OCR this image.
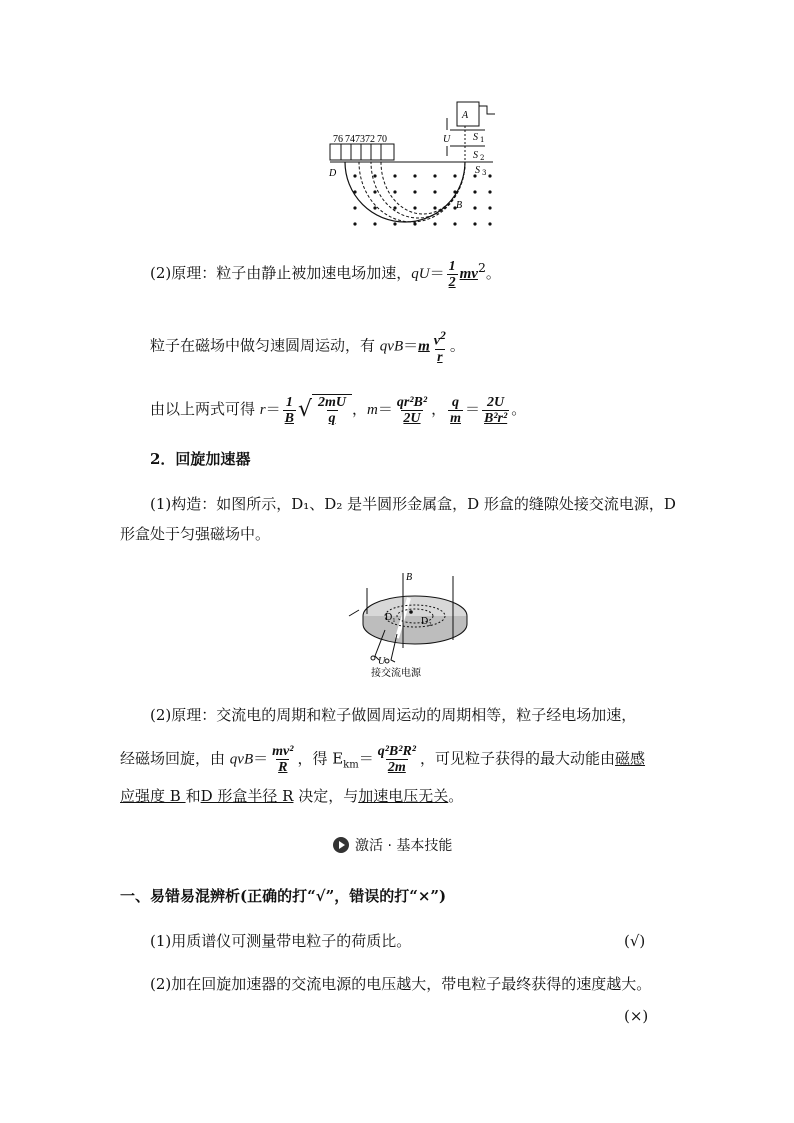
76 74 73 72 70
A
U S 1
S 2
S 3
D
B
(2)原理：粒子由静止被加速电场加速，$qU= \frac{1}{2} mv^2$。
粒子在磁场中做匀速圆周运动，有 $qvB=m \frac{v^2}{r}$ 。
由以上两式可得 $r= \frac{1}{B}$ √ $\frac{2mU}{q}$ ，$m= \frac{\text{qr²B²}}{2U}$ ， $\frac{q}{m} = \frac{2U}{\text{B²r²}}$ 。
2．回旋加速器
(1)构造：如图所示，D₁、D₂ 是半圆形金属盒，D 形盒的缝隙处接交流电源，D
形盒处于匀强磁场中。
B
D₁	D₂
U
接交流电源
(2)原理：交流电的周期和粒子做圆周运动的周期相等，粒子经电场加速，
经磁场回旋，由 $qvB= \frac{\text{mv²}}{R}$ ，得 $E_{km}= \frac{\text{q²B²R²}}{2m}$ ，可见粒子获得的最大动能由磁感
应强度 B 和D 形盒半径 R 决定，与加速电压无关。
激活 · 基本技能
一、易错易混辨析(正确的打“√”，错误的打“×”)
(1)用质谱仪可测量带电粒子的荷质比。	(√)
(2)加在回旋加速器的交流电源的电压越大，带电粒子最终获得的速度越大。
(×)
